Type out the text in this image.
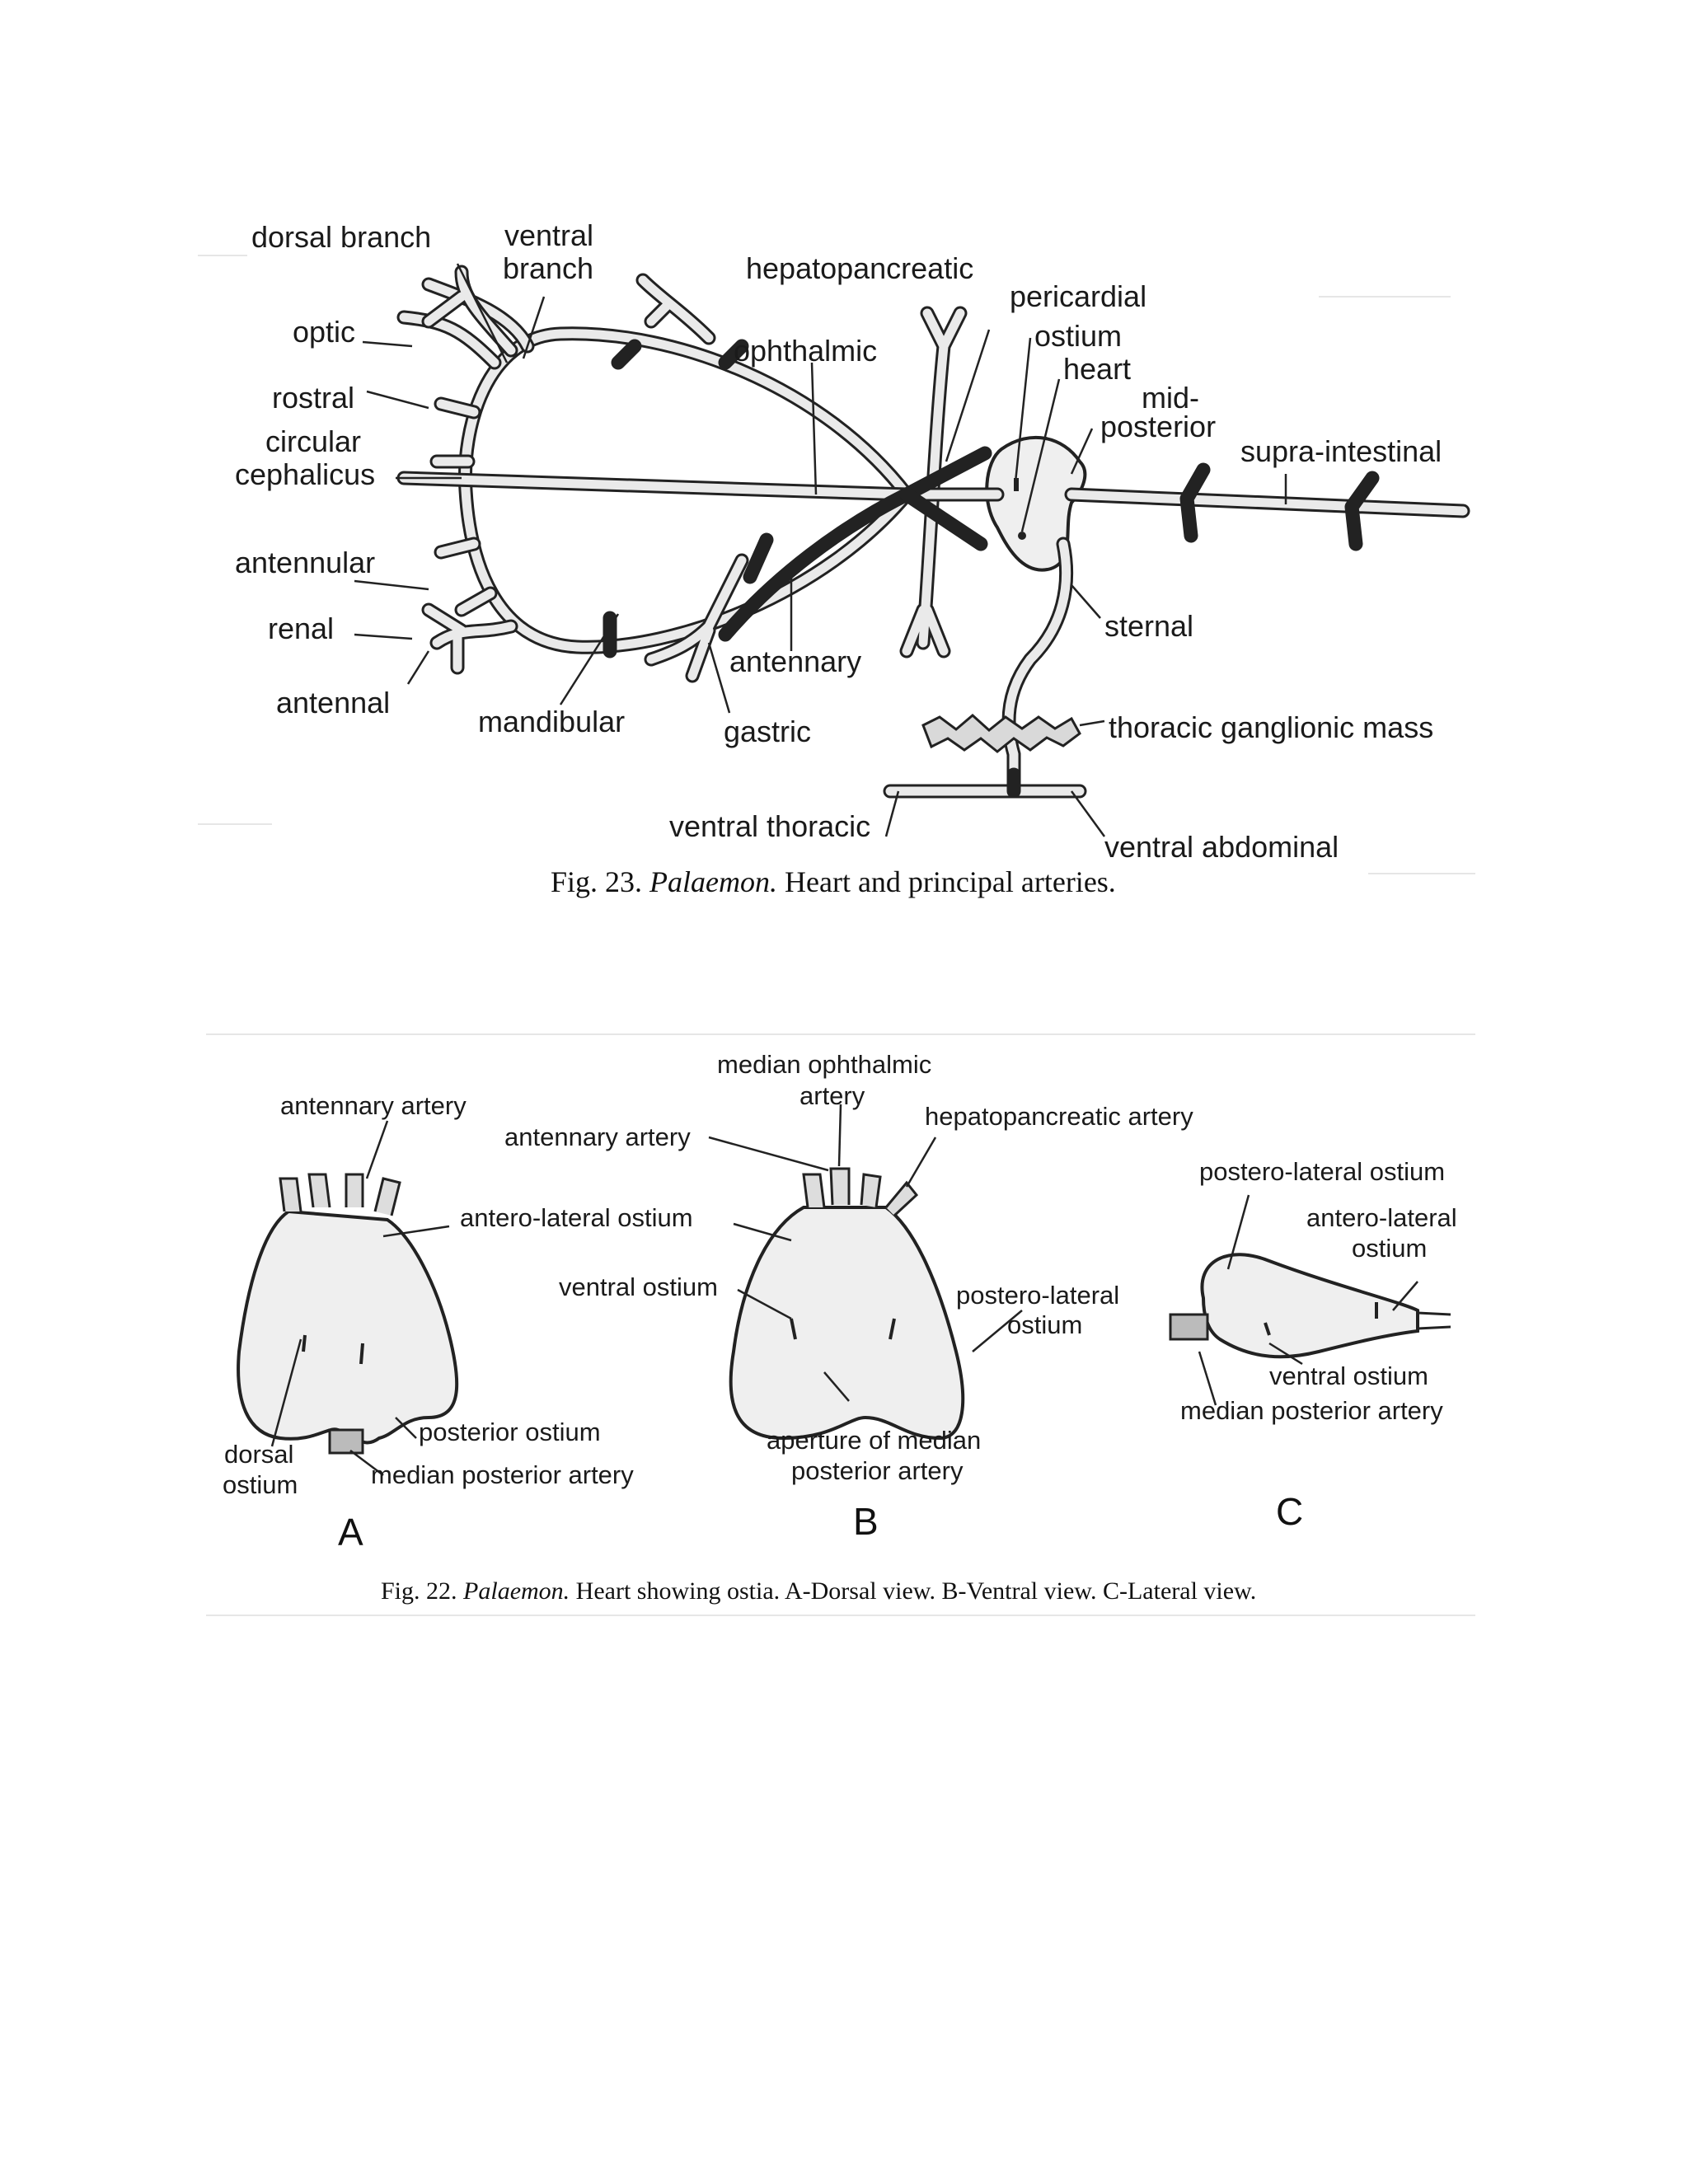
dorsal branch ventral
branch	hepatopancreatic
pericardial
ostium
heart
mid-
posterior
supra-intestinal
optic
ophthalmic
rostral
circular
cephalicus
antennular
renal
antennal
mandibular	gastric
antennary
sternal
thoracic ganglionic mass
ventral thoracic
ventral abdominal
Fig. 23. Palaemon. Heart and principal arteries.
median ophthalmic
artery
antennary artery
antennary artery
hepatopancreatic artery
postero-lateral ostium
antero-lateral ostium	antero-lateral
ostium
ventral ostium	postero-lateral
ostium
ventral ostium
median posterior artery
posterior ostium	aperture of median
posterior artery
dorsal
ostium	median posterior artery
A	B	C
Fig. 22. Palaemon. Heart showing ostia. A-Dorsal view. B-Ventral view. C-Lateral view.
